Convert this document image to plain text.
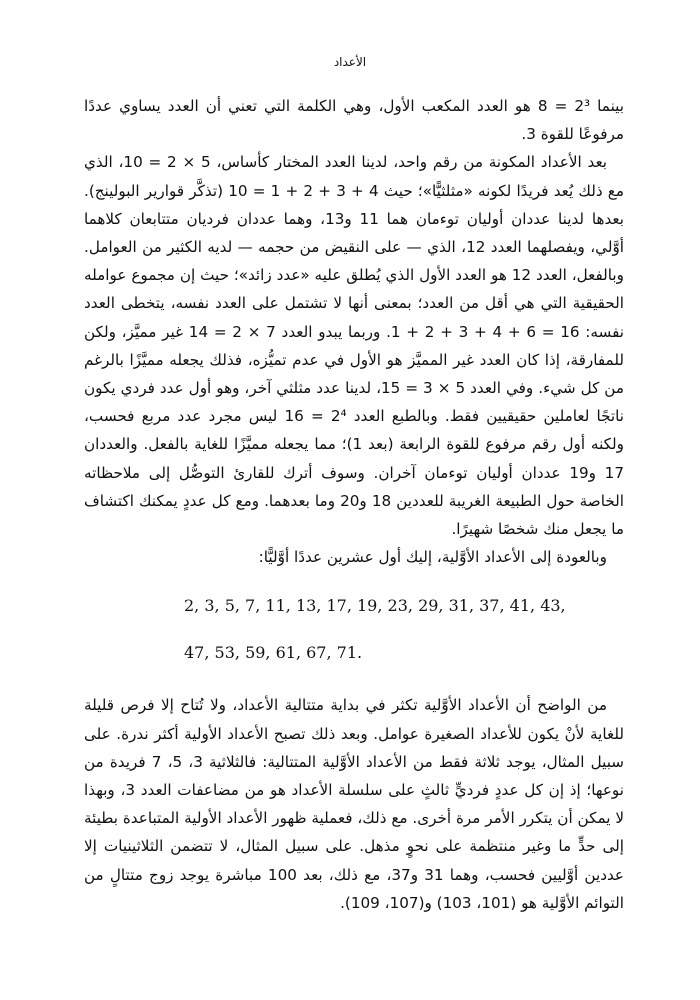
الأعداد

بينما 2³ = 8 هو العدد المكعب الأول، وهي الكلمة التي تعني أن العدد يساوي عددًا مرفوعًا للقوة 3.

بعد الأعداد المكونة من رقم واحد، لدينا العدد المختار كأساس، 5 × 2 = 10، الذي مع ذلك يُعد فريدًا لكونه «مثلثيًّا»؛ حيث 4 + 3 + 2 + 1 = 10 (تذكَّر قوارير البولينج). بعدها لدينا عددان أوليان توءمان هما 11 و13، وهما عددان فرديان متتابعان كلاهما أوَّلي، ويفصلهما العدد 12، الذي — على النقيض من حجمه — لديه الكثير من العوامل. وبالفعل، العدد 12 هو العدد الأول الذي يُطلق عليه «عدد زائد»؛ حيث إن مجموع عوامله الحقيقية التي هي أقل من العدد؛ بمعنى أنها لا تشتمل على العدد نفسه، يتخطى العدد نفسه: 16 = 6 + 4 + 3 + 2 + 1. وربما يبدو العدد 7 × 2 = 14 غير مميَّز، ولكن للمفارقة، إذا كان العدد غير المميَّز هو الأول في عدم تميُّزه، فذلك يجعله مميَّزًا بالرغم من كل شيء. وفي العدد 5 × 3 = 15، لدينا عدد مثلثي آخر، وهو أول عدد فردي يكون ناتجًا لعاملين حقيقيين فقط. وبالطبع العدد 2⁴ = 16 ليس مجرد عدد مربع فحسب، ولكنه أول رقم مرفوع للقوة الرابعة (بعد 1)؛ مما يجعله مميَّزًا للغاية بالفعل. والعددان 17 و19 عددان أوليان توءمان آخران. وسوف أترك للقارئ التوصُّل إلى ملاحظاته الخاصة حول الطبيعة الغريبة للعددين 18 و20 وما بعدهما. ومع كل عددٍ يمكنك اكتشاف ما يجعل منك شخصًا شهيرًا.

وبالعودة إلى الأعداد الأوَّلية، إليك أول عشرين عددًا أوَّليًّا:

2, 3, 5, 7, 11, 13, 17, 19, 23, 29, 31, 37, 41, 43,
47, 53, 59, 61, 67, 71.

من الواضح أن الأعداد الأوَّلية تكثر في بداية متتالية الأعداد، ولا تُتاح إلا فرص قليلة للغاية لأنْ يكون للأعداد الصغيرة عوامل. وبعد ذلك تصبح الأعداد الأولية أكثر ندرة. على سبيل المثال، يوجد ثلاثة فقط من الأعداد الأوَّلية المتتالية: فالثلاثية 3، 5، 7 فريدة من نوعها؛ إذ إن كل عددٍ فرديٍّ ثالثٍ على سلسلة الأعداد هو من مضاعفات العدد 3، وبهذا لا يمكن أن يتكرر الأمر مرة أخرى. مع ذلك، فعملية ظهور الأعداد الأولية المتباعدة بطيئة إلى حدٍّ ما وغير منتظمة على نحوٍ مذهل. على سبيل المثال، لا تتضمن الثلاثينيات إلا عددين أوَّليين فحسب، وهما 31 و37، مع ذلك، بعد 100 مباشرة يوجد زوج متتالٍ من التوائم الأوَّلية هو (101، 103) و(107، 109).
